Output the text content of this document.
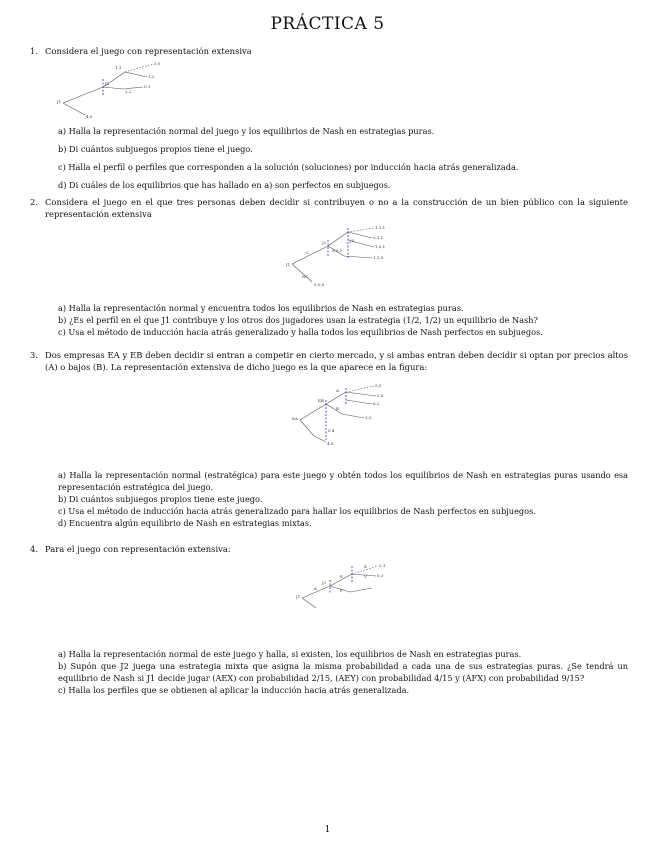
PRÁCTICA 5
1. Considera el juego con representación extensiva
J1
J2
3,0
1,2
0,1
2,2
1,1
4,0
a) Halla la representación normal del juego y los equilibrios de Nash en estrategias puras.
b) Di cuántos subjuegos propios tiene el juego.
c) Halla el perfil o perfiles que corresponden a la solución (soluciones) por inducción hacia atrás generalizada.
d) Di cuáles de los equilibrios que has hallado en a) son perfectos en subjuegos.
2. Considera el juego en el que tres personas deben decidir si contribuyen o no a la construcción de un bien público con la siguiente representación extensiva
J1
J2	J3
1,1,1
0,1,1
1,0,1
1,1,0
0,0,1
0,0,0
NC
C
a) Halla la representación normal y encuentra todos los equilibrios de Nash en estrategias puras.
b) ¿Es el perfil en el que J1 contribuye y los otros dos jugadores usan la estrategia (1/2, 1/2) un equilibrio de Nash?
c) Usa el método de inducción hacia atrás generalizado y halla todos los equilibrios de Nash perfectos en subjuegos.
3. Dos empresas EA y EB deben decidir si entran a competir en cierto mercado, y si ambas entran deben decidir si optan por precios altos (A) o bajos (B). La representación extensiva de dicho juego es la que aparece en la figura:
EA
EB
A
B
5,5
2,6
6,2
3,3
0,4
4,0
a) Halla la representación normal (estratégica) para este juego y obtén todos los equilibrios de Nash en estrategias puras usando esa representación estratégica del juego.
b) Di cuántos subjuegos propios tiene este juego.
c) Usa el método de inducción hacia atrás generalizado para hallar los equilibrios de Nash perfectos en subjuegos.
d) Encuentra algún equilibrio de Nash en estrategias mixtas.
4. Para el juego con representación extensiva:
J1
J2
A
E
F
X
Y
2,1
0,3
a) Halla la representación normal de este juego y halla, si existen, los equilibrios de Nash en estrategias puras.
b) Supón que J2 juega una estrategia mixta que asigna la misma probabilidad a cada una de sus estrategias puras. ¿Se tendrá un equilibrio de Nash si J1 decide jugar (AEX) con probabilidad 2/15, (AEY) con probabilidad 4/15 y (AFX) con probabilidad 9/15?
c) Halla los perfiles que se obtienen al aplicar la inducción hacia atrás generalizada.
1
